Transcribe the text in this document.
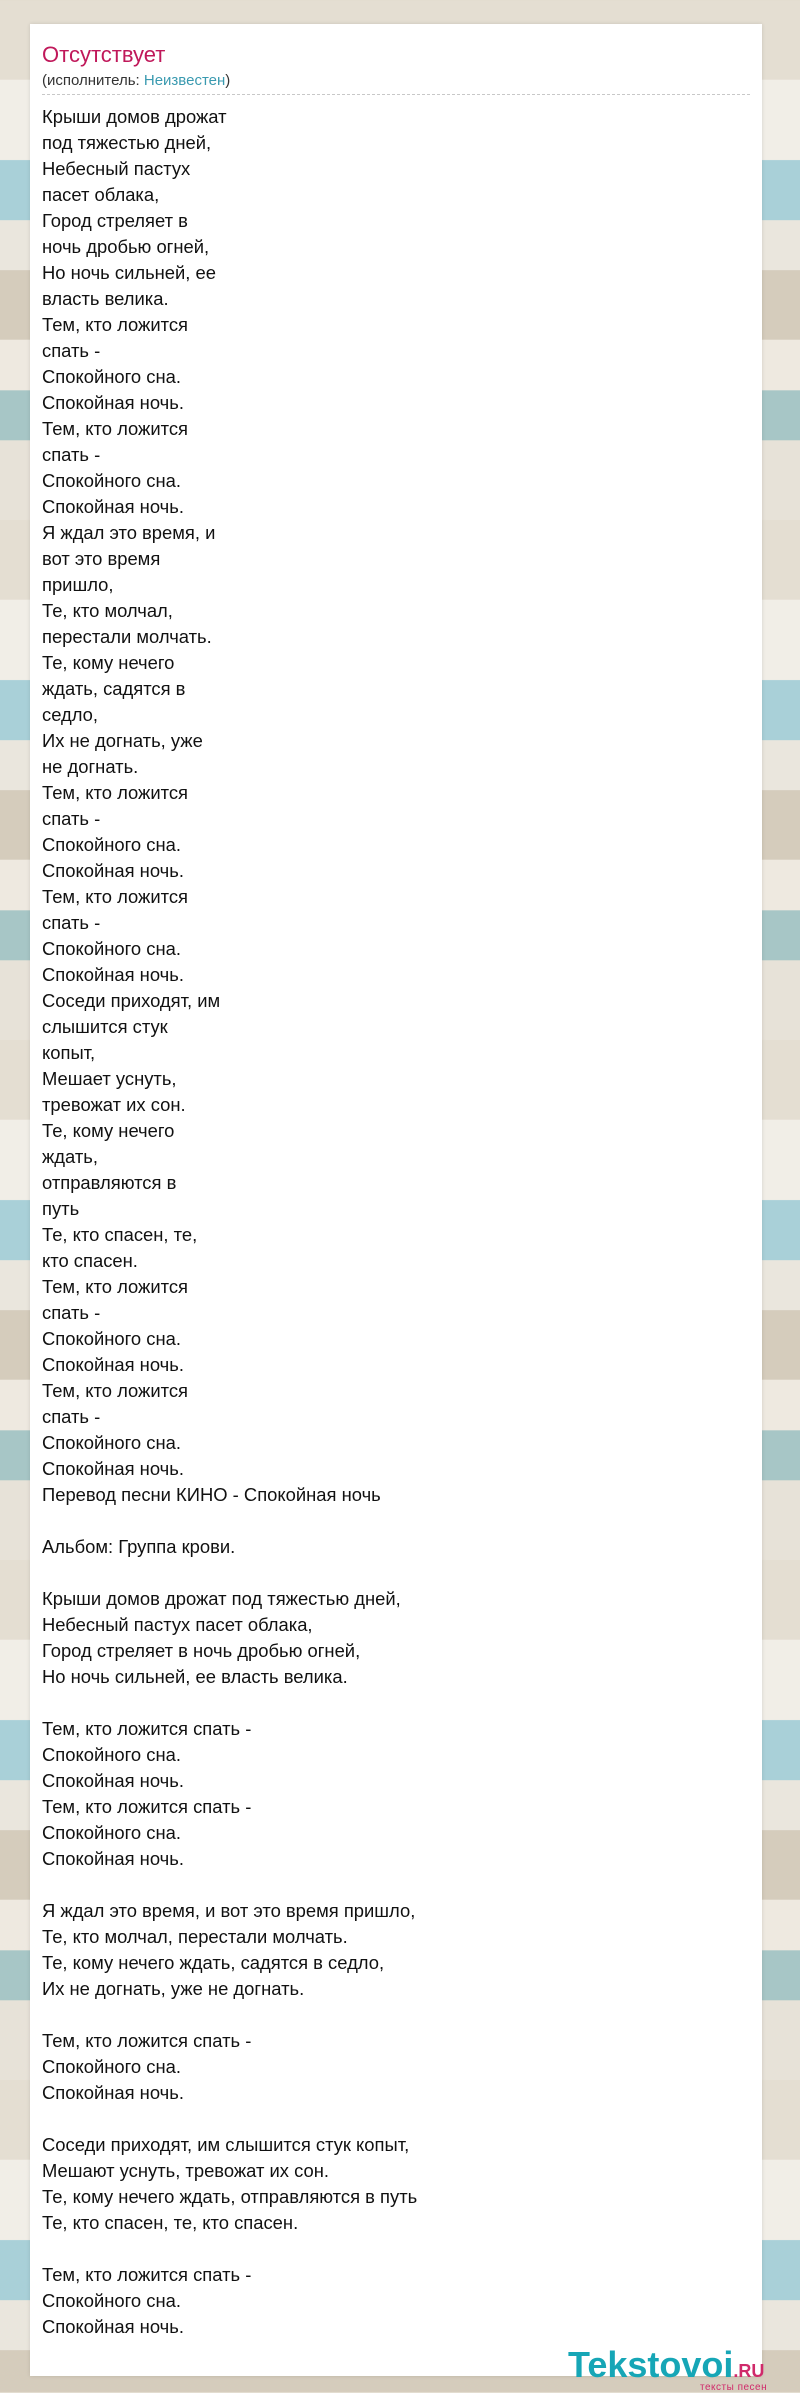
Отсутствует
(исполнитель: Неизвестен)
Крыши домов дрожат
под тяжестью дней,
Небесный пастух
пасет облака,
Город стреляет в
ночь дробью огней,
Но ночь сильней, ее
власть велика.
Тем, кто ложится
спать -
Спокойного сна.
Спокойная ночь.
Тем, кто ложится
спать -
Спокойного сна.
Спокойная ночь.
Я ждал это время, и
вот это время
пришло,
Те, кто молчал,
перестали молчать.
Те, кому нечего
ждать, садятся в
седло,
Их не догнать, уже
не догнать.
Тем, кто ложится
спать -
Спокойного сна.
Спокойная ночь.
Тем, кто ложится
спать -
Спокойного сна.
Спокойная ночь.
Соседи приходят, им
слышится стук
копыт,
Мешает уснуть,
тревожат их сон.
Те, кому нечего
ждать,
отправляются в
путь
Те, кто спасен, те,
кто спасен.
Тем, кто ложится
спать -
Спокойного сна.
Спокойная ночь.
Тем, кто ложится
спать -
Спокойного сна.
Спокойная ночь.
Перевод песни КИНО - Спокойная ночь
Альбом: Группа крови.
Крыши домов дрожат под тяжестью дней,
Небесный пастух пасет облака,
Город стреляет в ночь дробью огней,
Но ночь сильней, ее власть велика.
Тем, кто ложится спать -
Спокойного сна.
Спокойная ночь.
Тем, кто ложится спать -
Спокойного сна.
Спокойная ночь.
Я ждал это время, и вот это время пришло,
Те, кто молчал, перестали молчать.
Те, кому нечего ждать, садятся в седло,
Их не догнать, уже не догнать.
Тем, кто ложится спать -
Спокойного сна.
Спокойная ночь.
Соседи приходят, им слышится стук копыт,
Мешают уснуть, тревожат их сон.
Те, кому нечего ждать, отправляются в путь
Те, кто спасен, те, кто спасен.
Тем, кто ложится спать -
Спокойного сна.
Спокойная ночь.
Tekstovoi.RU
тексты песен
